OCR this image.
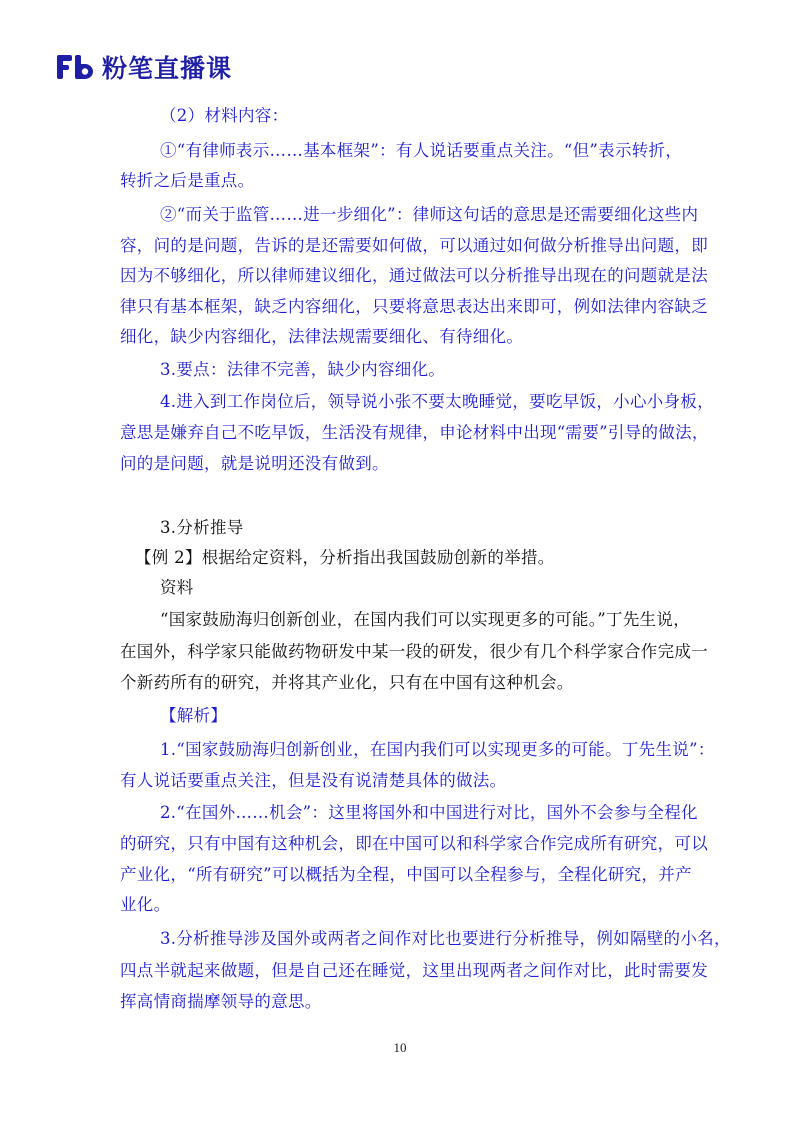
粉笔直播课
（2）材料内容：
①“有律师表示……基本框架”：有人说话要重点关注。“但”表示转折，
转折之后是重点。
②“而关于监管……进一步细化”：律师这句话的意思是还需要细化这些内
容，问的是问题，告诉的是还需要如何做，可以通过如何做分析推导出问题，即
因为不够细化，所以律师建议细化，通过做法可以分析推导出现在的问题就是法
律只有基本框架，缺乏内容细化，只要将意思表达出来即可，例如法律内容缺乏
细化，缺少内容细化，法律法规需要细化、有待细化。
3.要点：法律不完善，缺少内容细化。
4.进入到工作岗位后，领导说小张不要太晚睡觉，要吃早饭，小心小身板，
意思是嫌弃自己不吃早饭，生活没有规律，申论材料中出现“需要”引导的做法，
问的是问题，就是说明还没有做到。
3.分析推导
【例 2】根据给定资料，分析指出我国鼓励创新的举措。
资料
“国家鼓励海归创新创业，在国内我们可以实现更多的可能。”丁先生说，
在国外，科学家只能做药物研发中某一段的研发，很少有几个科学家合作完成一
个新药所有的研究，并将其产业化，只有在中国有这种机会。
【解析】
1.“国家鼓励海归创新创业，在国内我们可以实现更多的可能。丁先生说”：
有人说话要重点关注，但是没有说清楚具体的做法。
2.“在国外……机会”：这里将国外和中国进行对比，国外不会参与全程化
的研究，只有中国有这种机会，即在中国可以和科学家合作完成所有研究，可以
产业化，“所有研究”可以概括为全程，中国可以全程参与，全程化研究，并产
业化。
3.分析推导涉及国外或两者之间作对比也要进行分析推导，例如隔壁的小名，
四点半就起来做题，但是自己还在睡觉，这里出现两者之间作对比，此时需要发
挥高情商揣摩领导的意思。
10
